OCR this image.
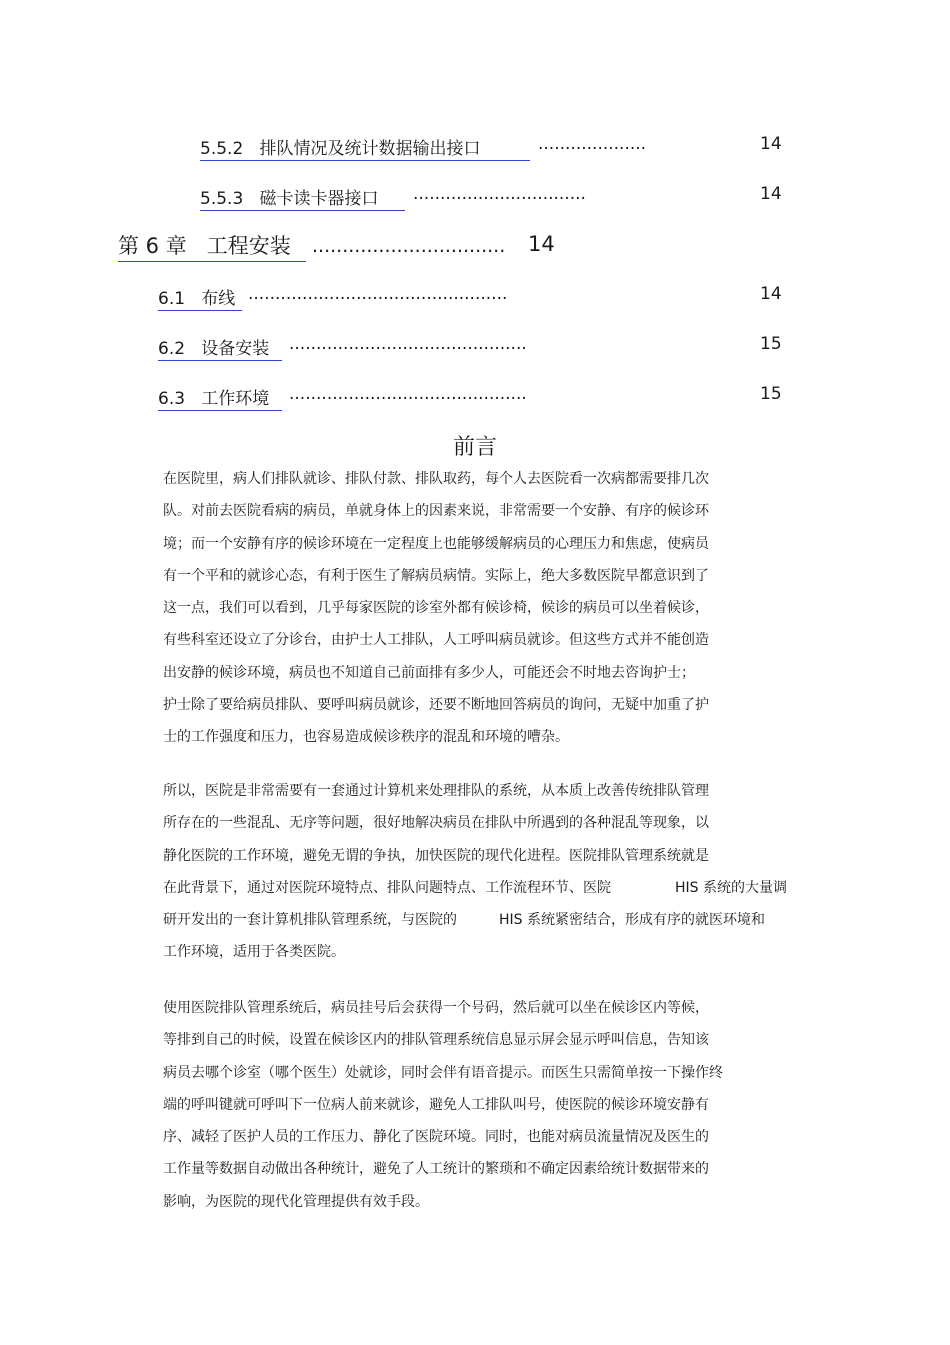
5.5.2 排队情况及统计数据输出接口	....................	14
5.5.3 磁卡读卡器接口	................................	14
第 6 章 工程安装	................................ 14
6.1 布线 ................................................	14
6.2 设备安装	............................................	15
6.3 工作环境	............................................	15
前言
在医院里，病人们排队就诊、排队付款、排队取药，每个人去医院看一次病都需要排几次
队。对前去医院看病的病员，单就身体上的因素来说，非常需要一个安静、有序的候诊环
境；而一个安静有序的候诊环境在一定程度上也能够缓解病员的心理压力和焦虑，使病员
有一个平和的就诊心态，有利于医生了解病员病情。实际上，绝大多数医院早都意识到了
这一点，我们可以看到，几乎每家医院的诊室外都有候诊椅，候诊的病员可以坐着候诊，
有些科室还设立了分诊台，由护士人工排队，人工呼叫病员就诊。但这些方式并不能创造
出安静的候诊环境，病员也不知道自己前面排有多少人，可能还会不时地去咨询护士；
护士除了要给病员排队、要呼叫病员就诊，还要不断地回答病员的询问，无疑中加重了护
士的工作强度和压力，也容易造成候诊秩序的混乱和环境的嘈杂。
所以，医院是非常需要有一套通过计算机来处理排队的系统，从本质上改善传统排队管理
所存在的一些混乱、无序等问题，很好地解决病员在排队中所遇到的各种混乱等现象，以
静化医院的工作环境，避免无谓的争执，加快医院的现代化进程。医院排队管理系统就是
在此背景下，通过对医院环境特点、排队问题特点、工作流程环节、医院	HIS 系统的大量调
研开发出的一套计算机排队管理系统，与医院的	HIS 系统紧密结合，形成有序的就医环境和
工作环境，适用于各类医院。
使用医院排队管理系统后，病员挂号后会获得一个号码，然后就可以坐在候诊区内等候，
等排到自己的时候，设置在候诊区内的排队管理系统信息显示屏会显示呼叫信息，告知该
病员去哪个诊室（哪个医生）处就诊，同时会伴有语音提示。而医生只需简单按一下操作终
端的呼叫键就可呼叫下一位病人前来就诊，避免人工排队叫号，使医院的候诊环境安静有
序、减轻了医护人员的工作压力、静化了医院环境。同时，也能对病员流量情况及医生的
工作量等数据自动做出各种统计，避免了人工统计的繁琐和不确定因素给统计数据带来的
影响，为医院的现代化管理提供有效手段。
